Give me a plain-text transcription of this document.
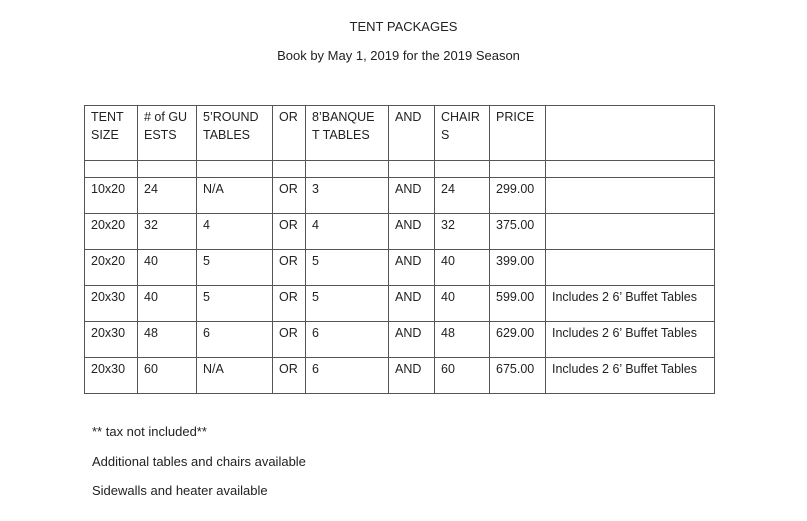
TENT PACKAGES
Book by May 1, 2019 for the 2019 Season
TENT SIZE	# of GUESTS	5’ROUND TABLES	OR	8’BANQUET TABLES	AND	CHAIRS	PRICE	

10x20	24	N/A	OR	3	AND	24	299.00	
20x20	32	4	OR	4	AND	32	375.00	
20x20	40	5	OR	5	AND	40	399.00	
20x30	40	5	OR	5	AND	40	599.00	Includes 2 6’ Buffet Tables
20x30	48	6	OR	6	AND	48	629.00	Includes 2 6’ Buffet Tables
20x30	60	N/A	OR	6	AND	60	675.00	Includes 2 6’ Buffet Tables
** tax not included**
Additional tables and chairs available
Sidewalls and heater available
